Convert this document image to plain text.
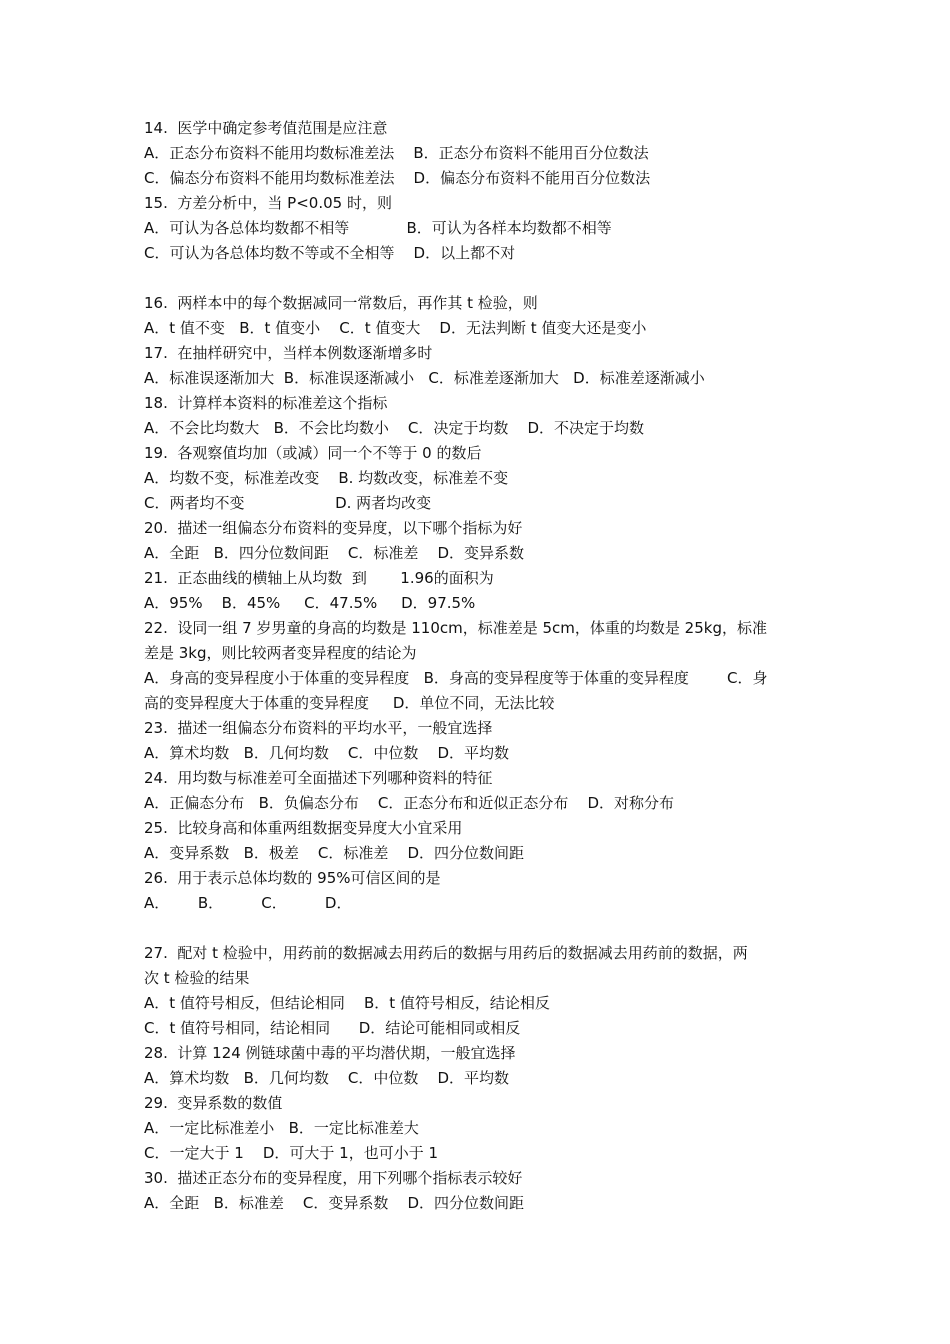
14.  医学中确定参考值范围是应注意
A．正态分布资料不能用均数标准差法    B．正态分布资料不能用百分位数法
C．偏态分布资料不能用均数标准差法    D．偏态分布资料不能用百分位数法
15.  方差分析中，当 P<0.05 时，则
A．可认为各总体均数都不相等            B．可认为各样本均数都不相等
C．可认为各总体均数不等或不全相等    D．以上都不对
16.  两样本中的每个数据减同一常数后，再作其 t 检验，则
A．t 值不变   B．t 值变小    C．t 值变大    D．无法判断 t 值变大还是变小
17.  在抽样研究中，当样本例数逐渐增多时
A．标准误逐渐加大  B．标准误逐渐减小   C．标准差逐渐加大   D．标准差逐渐减小
18.  计算样本资料的标准差这个指标
A．不会比均数大   B．不会比均数小    C．决定于均数    D．不决定于均数
19.  各观察值均加（或减）同一个不等于 0 的数后
A．均数不变，标准差改变    B. 均数改变，标准差不变
C．两者均不变                   D. 两者均改变
20.  描述一组偏态分布资料的变异度，以下哪个指标为好
A．全距   B．四分位数间距    C．标准差    D．变异系数
21.  正态曲线的横轴上从均数  到       1.96的面积为
A．95%    B．45%     C．47.5%     D．97.5%
22.  设同一组 7 岁男童的身高的均数是 110cm，标准差是 5cm，体重的均数是 25kg，标准
差是 3kg，则比较两者变异程度的结论为
A．身高的变异程度小于体重的变异程度   B．身高的变异程度等于体重的变异程度        C．身
高的变异程度大于体重的变异程度     D．单位不同，无法比较
23.  描述一组偏态分布资料的平均水平，一般宜选择
A．算术均数   B．几何均数    C．中位数    D．平均数
24.  用均数与标准差可全面描述下列哪种资料的特征
A．正偏态分布   B．负偏态分布    C．正态分布和近似正态分布    D．对称分布
25.  比较身高和体重两组数据变异度大小宜采用
A．变异系数   B．极差    C．标准差    D．四分位数间距
26.  用于表示总体均数的 95%可信区间的是
A．      B．        C．        D．
27.  配对 t 检验中，用药前的数据减去用药后的数据与用药后的数据减去用药前的数据，两
次 t 检验的结果
A．t 值符号相反，但结论相同    B．t 值符号相反，结论相反
C．t 值符号相同，结论相同      D．结论可能相同或相反
28.  计算 124 例链球菌中毒的平均潜伏期，一般宜选择
A．算术均数   B．几何均数    C．中位数    D．平均数
29.  变异系数的数值
A．一定比标准差小   B．一定比标准差大
C．一定大于 1    D．可大于 1，也可小于 1
30.  描述正态分布的变异程度，用下列哪个指标表示较好
A．全距   B．标准差    C．变异系数    D．四分位数间距
